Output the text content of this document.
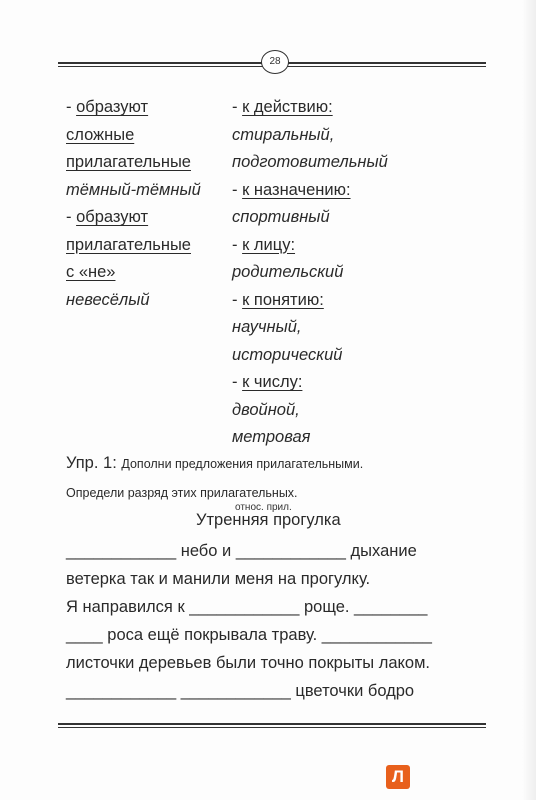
28
- образуют
сложные
прилагательные
тёмный-тёмный
- образуют
прилагательные
с «не»
невесёлый
- к действию:
стиральный,
подготовительный
- к назначению:
спортивный
- к лицу:
родительский
- к понятию:
научный,
исторический
- к числу:
двойной,
метровая
Упр. 1: Дополни предложения прилагательными.
Определи разряд этих прилагательных.
относ. прил.
Утренняя прогулка
____________ небо и ____________ дыхание
ветерка так и манили меня на прогулку.
Я направился к ____________ роще. ________
____ роса ещё покрывала траву. ____________
листочки деревьев были точно покрыты лаком.
____________ ____________ цветочки бодро
Л
